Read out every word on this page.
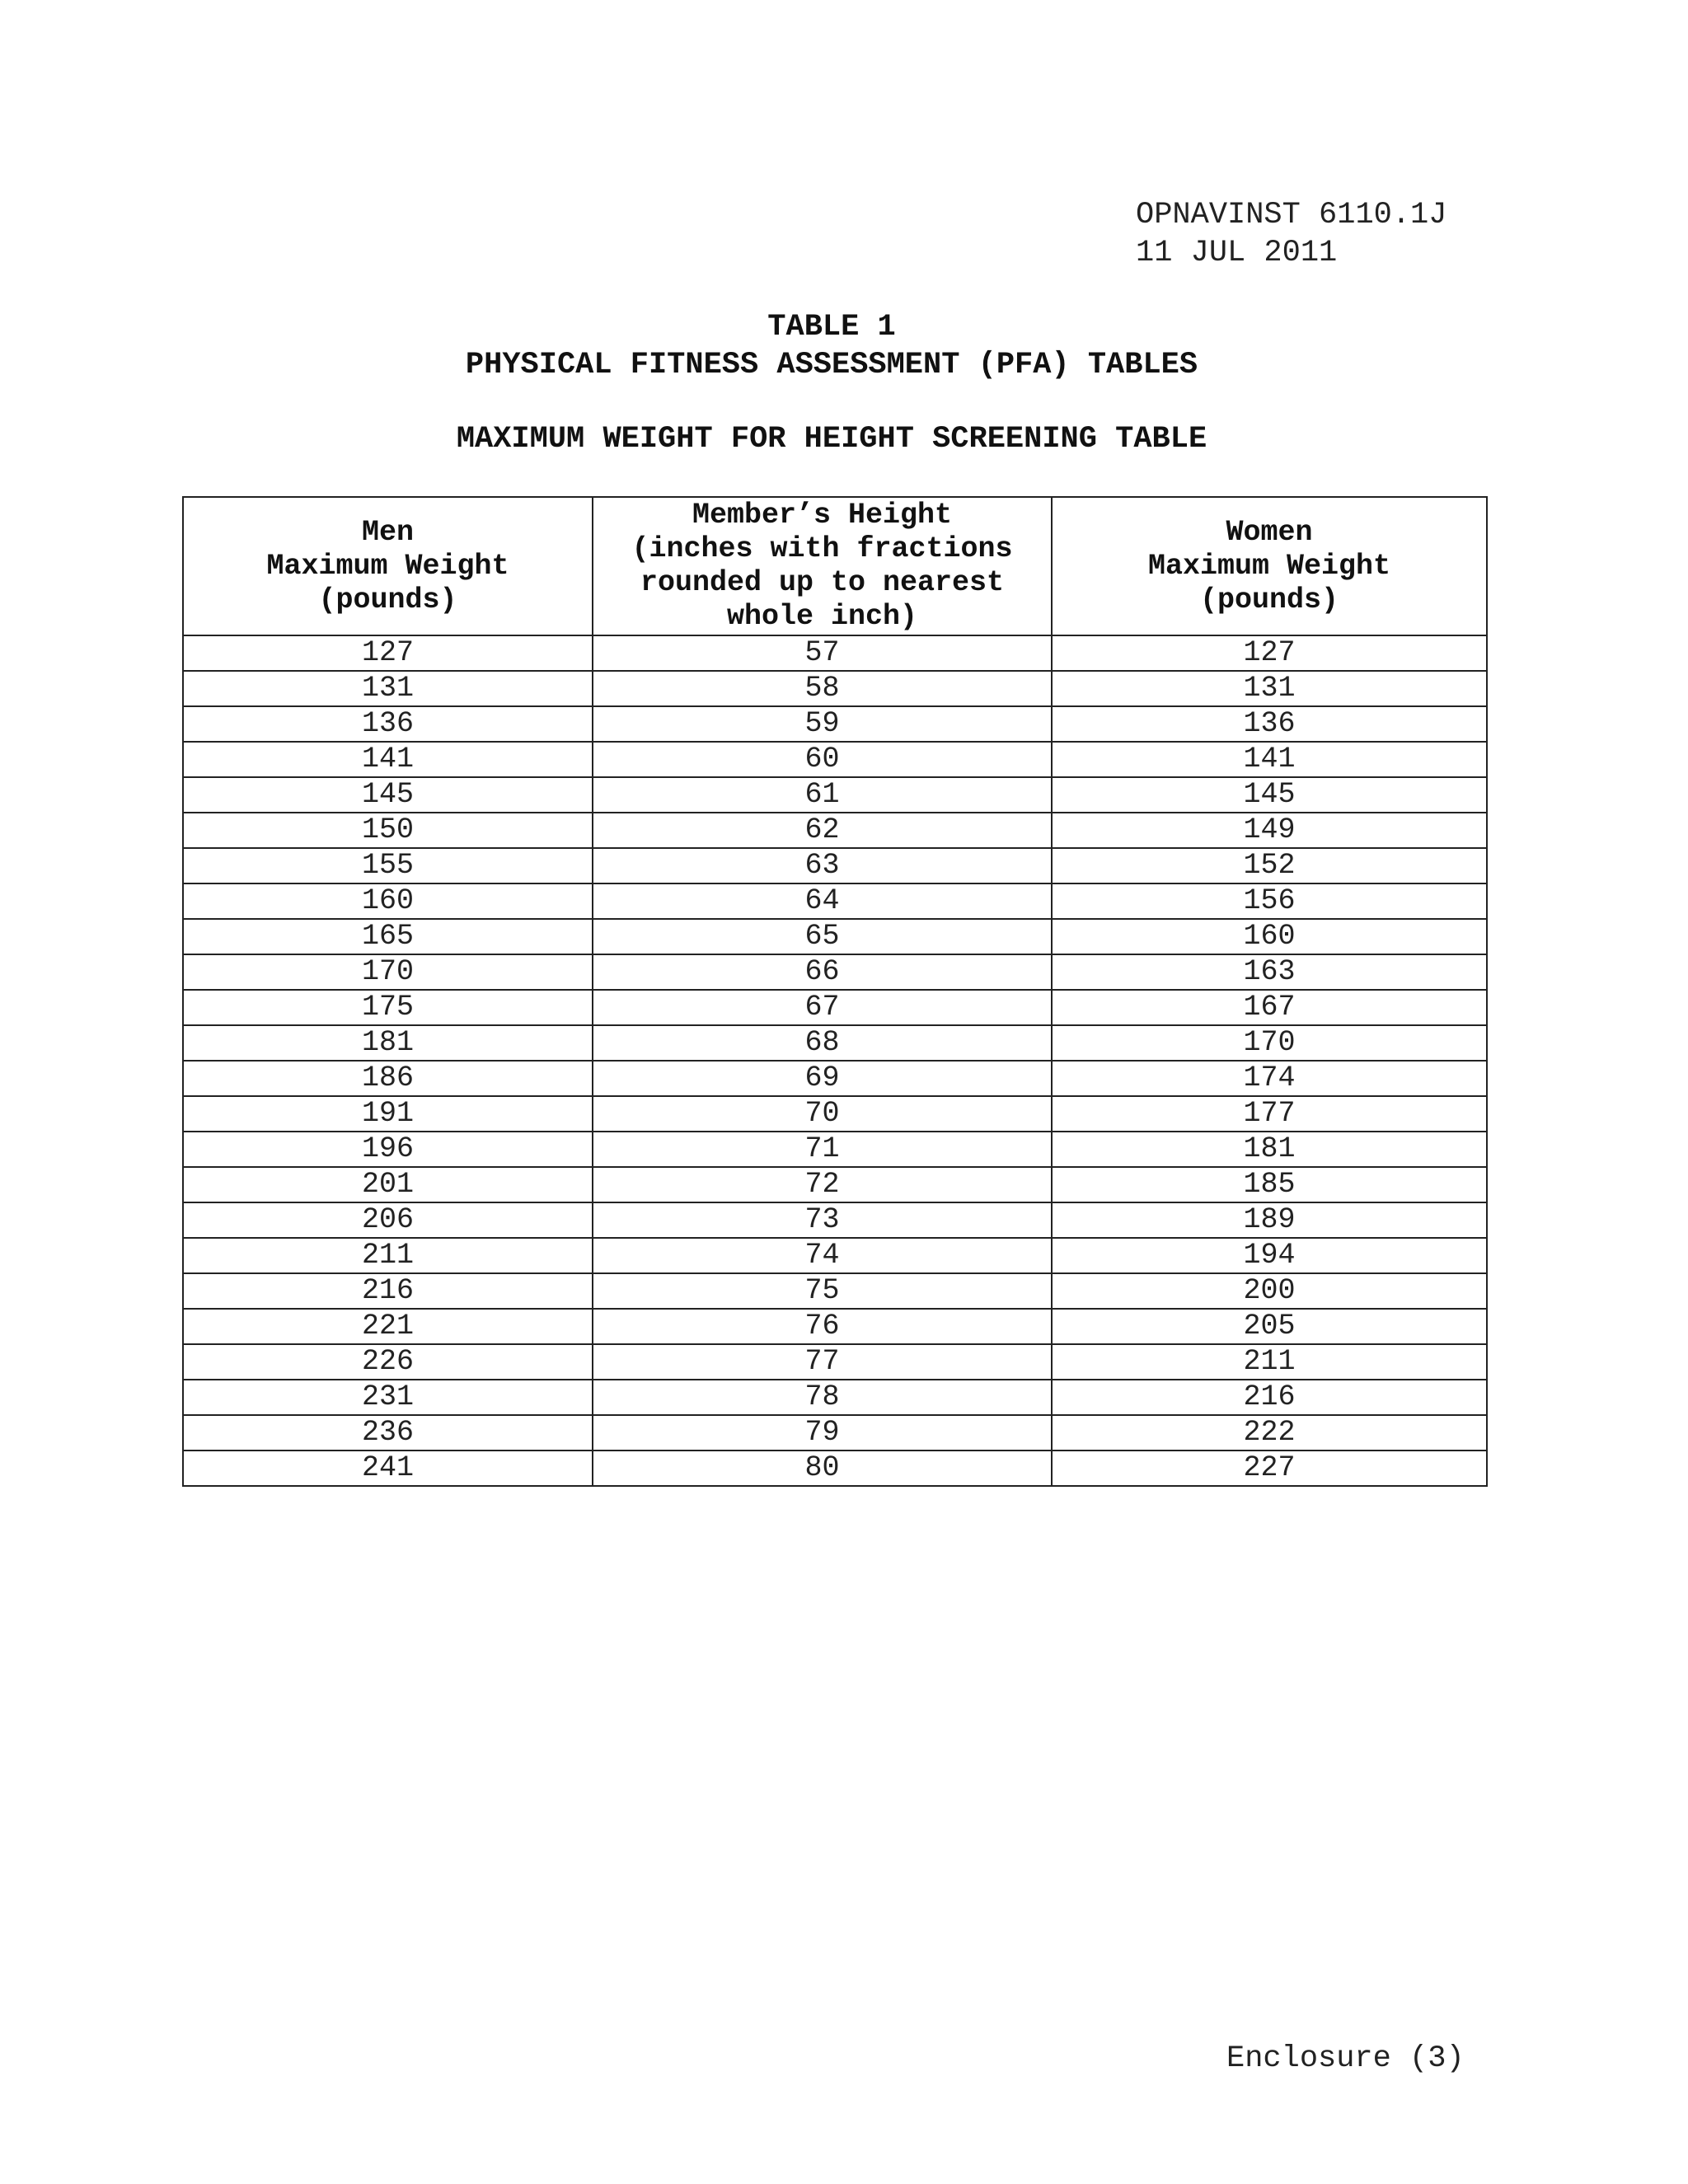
OPNAVINST 6110.1J
11 JUL 2011
TABLE 1
PHYSICAL FITNESS ASSESSMENT (PFA) TABLES
MAXIMUM WEIGHT FOR HEIGHT SCREENING TABLE
Men
Maximum Weight
(pounds)	Member’s Height
(inches with fractions
rounded up to nearest
whole inch)	Women
Maximum Weight
(pounds)
127	57	127
131	58	131
136	59	136
141	60	141
145	61	145
150	62	149
155	63	152
160	64	156
165	65	160
170	66	163
175	67	167
181	68	170
186	69	174
191	70	177
196	71	181
201	72	185
206	73	189
211	74	194
216	75	200
221	76	205
226	77	211
231	78	216
236	79	222
241	80	227
Enclosure (3)
